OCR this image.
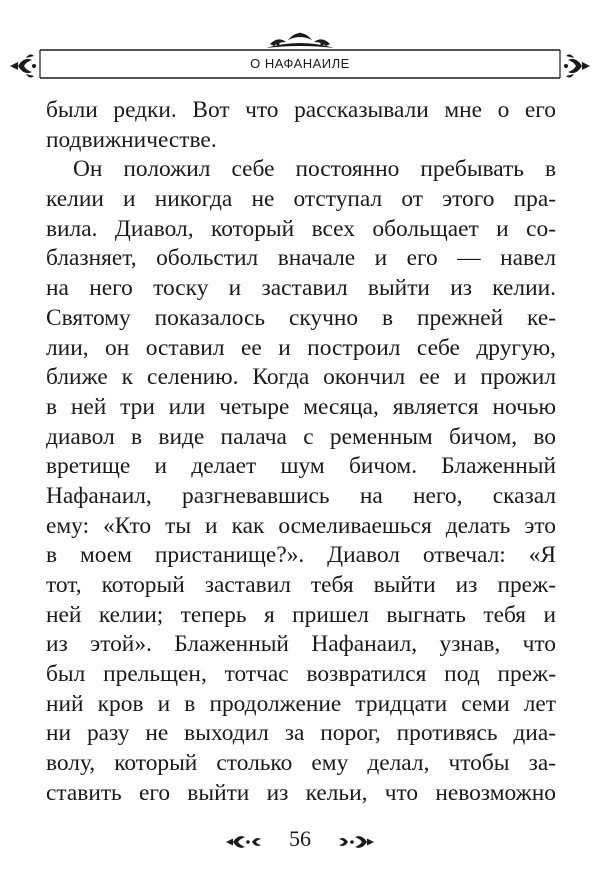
О НАФАНАИЛЕ
были редки. Вот что рассказывали мне о его
подвижничестве.
Он положил себе постоянно пребывать в
келии и никогда не отступал от этого пра-
вила. Диавол, который всех обольщает и со-
блазняет, обольстил вначале и его — навел
на него тоску и заставил выйти из келии.
Святому показалось скучно в прежней ке-
лии, он оставил ее и построил себе другую,
ближе к селению. Когда окончил ее и прожил
в ней три или четыре месяца, является ночью
диавол в виде палача с ременным бичом, во
вретище и делает шум бичом. Блаженный
Нафанаил, разгневавшись на него, сказал
ему: «Кто ты и как осмеливаешься делать это
в моем пристанище?». Диавол отвечал: «Я
тот, который заставил тебя выйти из преж-
ней келии; теперь я пришел выгнать тебя и
из этой». Блаженный Нафанаил, узнав, что
был прельщен, тотчас возвратился под преж-
ний кров и в продолжение тридцати семи лет
ни разу не выходил за порог, противясь диа-
волу, который столько ему делал, чтобы за-
ставить его выйти из кельи, что невозможно
56
